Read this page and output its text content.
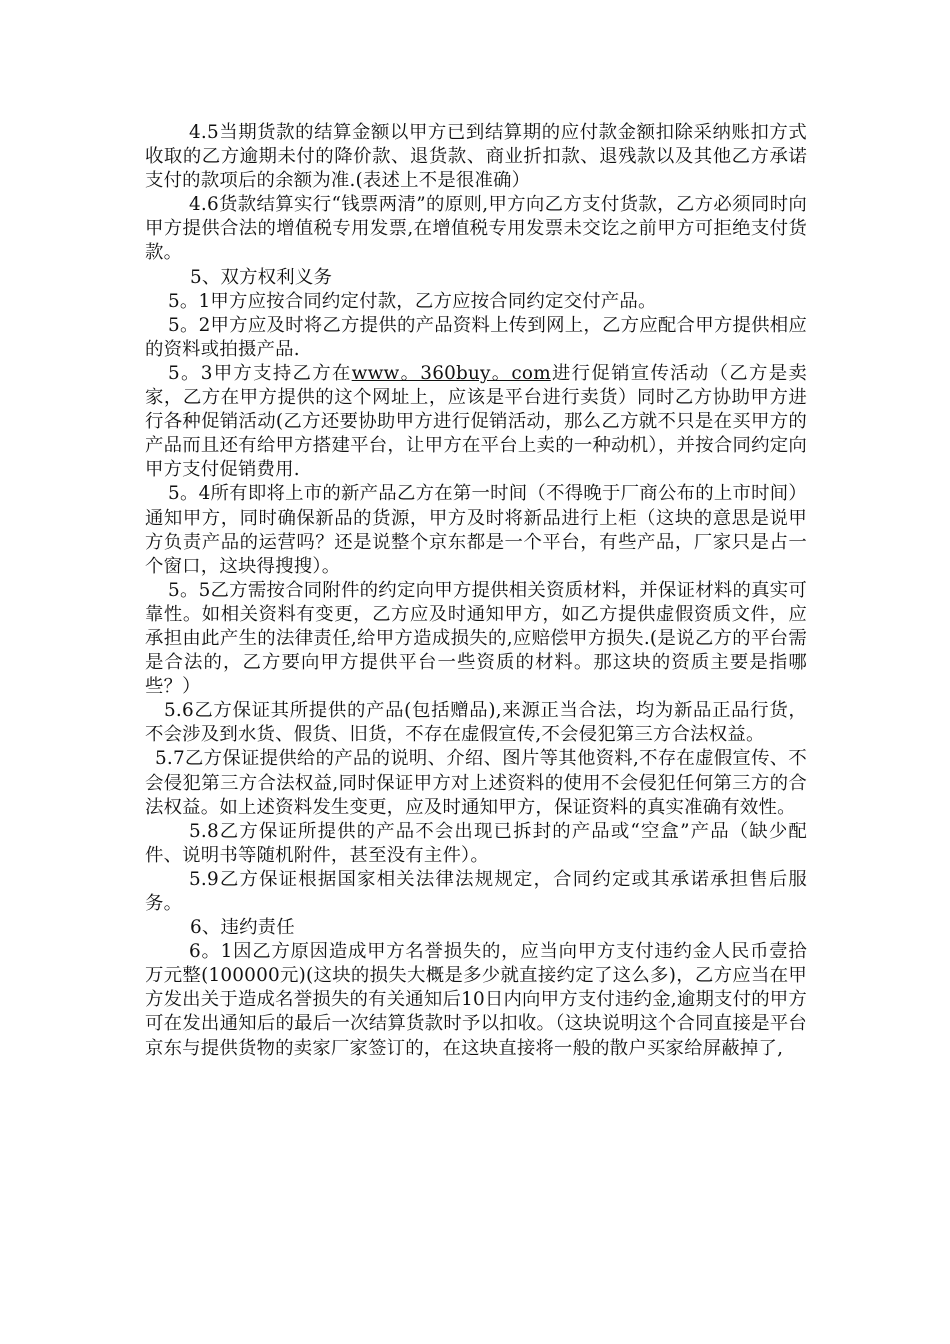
4.5当期货款的结算金额以甲方已到结算期的应付款金额扣除采纳账扣方式收取的乙方逾期未付的降价款、退货款、商业折扣款、退残款以及其他乙方承诺支付的款项后的余额为准.(表述上不是很准确）

4.6货款结算实行“钱票两清”的原则,甲方向乙方支付货款，乙方必须同时向甲方提供合法的增值税专用发票,在增值税专用发票未交讫之前甲方可拒绝支付货款。

5、双方权利义务

5。1甲方应按合同约定付款，乙方应按合同约定交付产品。

5。2甲方应及时将乙方提供的产品资料上传到网上，乙方应配合甲方提供相应的资料或拍摄产品.

5。3甲方支持乙方在www。360buy。com进行促销宣传活动（乙方是卖家，乙方在甲方提供的这个网址上，应该是平台进行卖货）同时乙方协助甲方进行各种促销活动(乙方还要协助甲方进行促销活动，那么乙方就不只是在买甲方的产品而且还有给甲方搭建平台，让甲方在平台上卖的一种动机），并按合同约定向甲方支付促销费用.

5。4所有即将上市的新产品乙方在第一时间（不得晚于厂商公布的上市时间）通知甲方，同时确保新品的货源，甲方及时将新品进行上柜（这块的意思是说甲方负责产品的运营吗？还是说整个京东都是一个平台，有些产品，厂家只是占一个窗口，这块得搜搜）。

5。5乙方需按合同附件的约定向甲方提供相关资质材料，并保证材料的真实可靠性。如相关资料有变更，乙方应及时通知甲方，如乙方提供虚假资质文件，应承担由此产生的法律责任,给甲方造成损失的,应赔偿甲方损失.(是说乙方的平台需是合法的，乙方要向甲方提供平台一些资质的材料。那这块的资质主要是指哪些？）

5.6乙方保证其所提供的产品(包括赠品),来源正当合法，均为新品正品行货，不会涉及到水货、假货、旧货，不存在虚假宣传,不会侵犯第三方合法权益。

5.7乙方保证提供给的产品的说明、介绍、图片等其他资料,不存在虚假宣传、不会侵犯第三方合法权益,同时保证甲方对上述资料的使用不会侵犯任何第三方的合法权益。如上述资料发生变更，应及时通知甲方，保证资料的真实准确有效性。

5.8乙方保证所提供的产品不会出现已拆封的产品或“空盒”产品（缺少配件、说明书等随机附件，甚至没有主件）。

5.9乙方保证根据国家相关法律法规规定，合同约定或其承诺承担售后服务。

6、违约责任

6。1因乙方原因造成甲方名誉损失的，应当向甲方支付违约金人民币壹拾万元整(100000元)(这块的损失大概是多少就直接约定了这么多)，乙方应当在甲方发出关于造成名誉损失的有关通知后10日内向甲方支付违约金,逾期支付的甲方可在发出通知后的最后一次结算货款时予以扣收。（这块说明这个合同直接是平台京东与提供货物的卖家厂家签订的，在这块直接将一般的散户买家给屏蔽掉了,
